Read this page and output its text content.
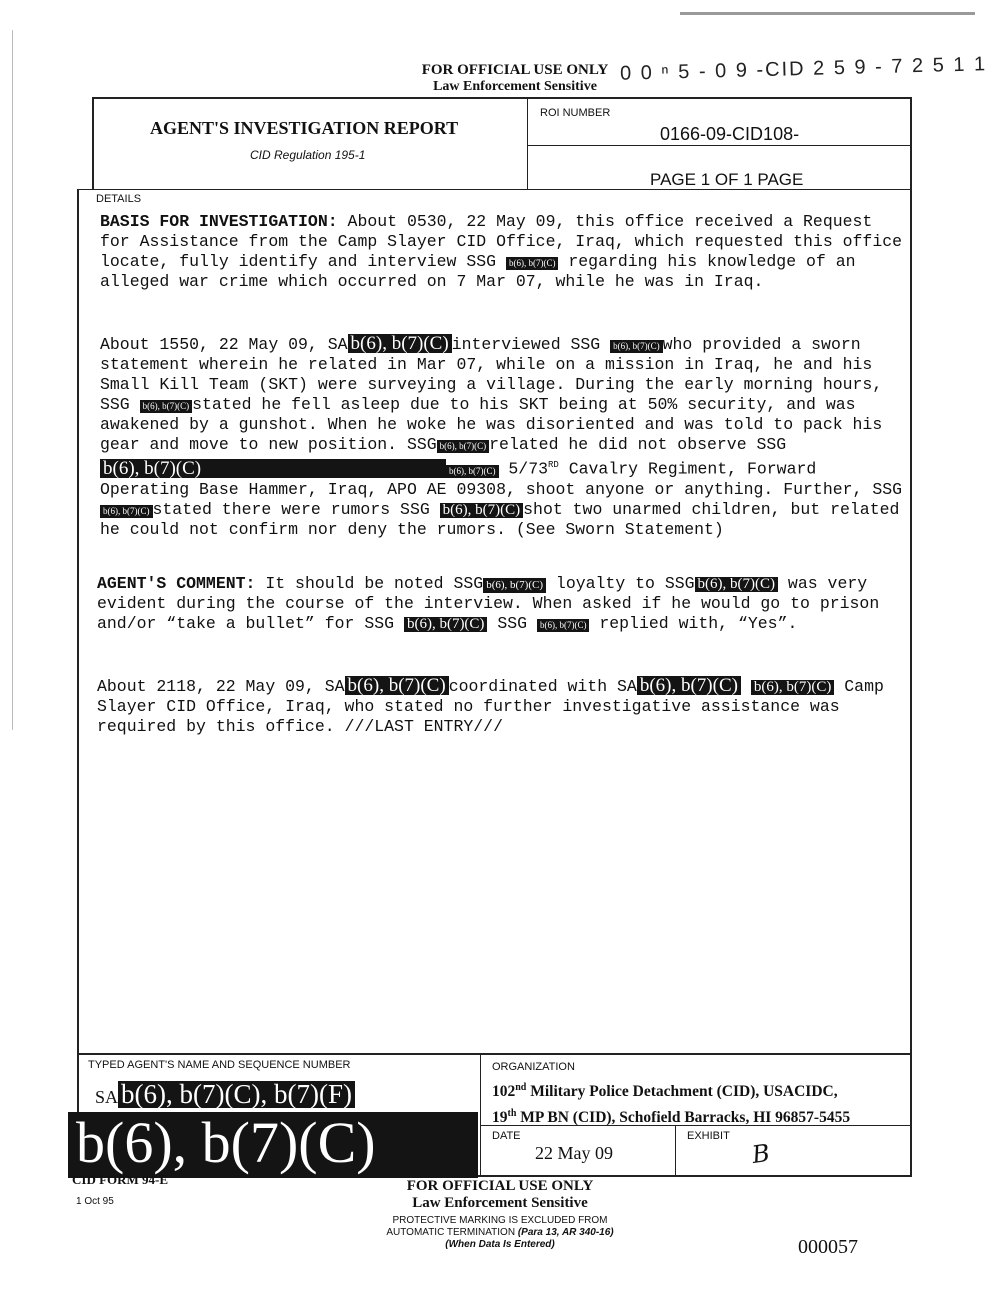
FOR OFFICIAL USE ONLY
Law Enforcement Sensitive
0 0 ⁿ 5 - 0 9 -CID 2 5 9 - 7 2 5 1 1
AGENT'S INVESTIGATION REPORT
CID Regulation 195-1
ROI NUMBER
0166-09-CID108-
PAGE 1 OF 1 PAGE
DETAILS

BASIS FOR INVESTIGATION: About 0530, 22 May 09, this office received a Request for Assistance from the Camp Slayer CID Office, Iraq, which requested this office locate, fully identify and interview SSG b(6), b(7)(C) regarding his knowledge of an alleged war crime which occurred on 7 Mar 07, while he was in Iraq.

About 1550, 22 May 09, SA b(6), b(7)(C) interviewed SSG b(6), b(7)(C) who provided a sworn statement wherein he related in Mar 07, while on a mission in Iraq, he and his Small Kill Team (SKT) were surveying a village. During the early morning hours, SSG b(6), b(7)(C) stated he fell asleep due to his SKT being at 50% security, and was awakened by a gunshot. When he woke he was disoriented and was told to pack his gear and move to new position. SSG b(6), b(7)(C) related he did not observe SSGb(6), b(7)(C)	b(6), b(7)(C) 5/73RD Cavalry Regiment, Forward Operating Base Hammer, Iraq, APO AE 09308, shoot anyone or anything. Further, SSG b(6), b(7)(C) stated there were rumors SSG b(6), b(7)(C) shot two unarmed children, but related he could not confirm nor deny the rumors. (See Sworn Statement)

AGENT'S COMMENT: It should be noted SSG b(6), b(7)(C) loyalty to SSG b(6), b(7)(C) was very evident during the course of the interview. When asked if he would go to prison and/or “take a bullet” for SSG b(6), b(7)(C) SSG b(6), b(7)(C) replied with, “Yes”.

About 2118, 22 May 09, SA b(6), b(7)(C) coordinated with SA b(6), b(7)(C) b(6), b(7)(C) Camp Slayer CID Office, Iraq, who stated no further investigative assistance was required by this office. ///LAST ENTRY///

TYPED AGENT'S NAME AND SEQUENCE NUMBER
SA b(6), b(7)(C), b(7)(F)
b(6), b(7)(C)
ORGANIZATION
102nd Military Police Detachment (CID), USACIDC,
19th MP BN (CID), Schofield Barracks, HI 96857-5455
DATE
22 May 09
EXHIBIT
B
CID FORM 94-E
1 Oct 95
FOR OFFICIAL USE ONLY
Law Enforcement Sensitive
PROTECTIVE MARKING IS EXCLUDED FROM
AUTOMATIC TERMINATION (Para 13, AR 340-16)
(When Data Is Entered)	000057
